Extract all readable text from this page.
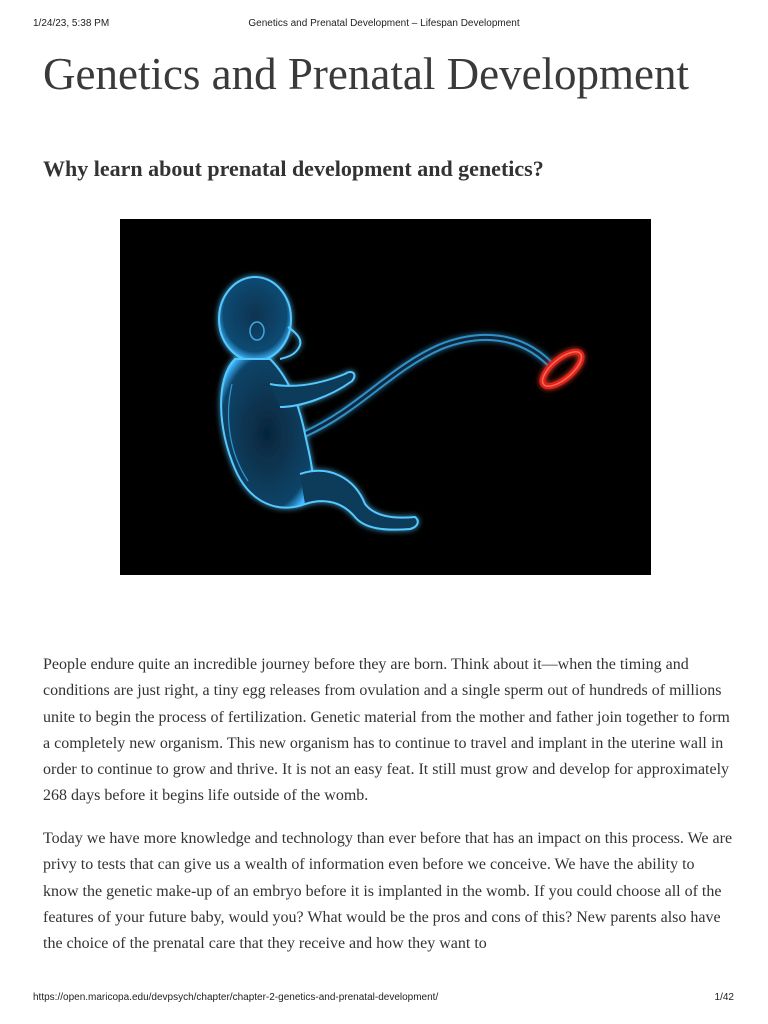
1/24/23, 5:38 PM	Genetics and Prenatal Development – Lifespan Development
Genetics and Prenatal Development
Why learn about prenatal development and genetics?

People endure quite an incredible journey before they are born. Think about it—when the timing and conditions are just right, a tiny egg releases from ovulation and a single sperm out of hundreds of millions unite to begin the process of fertilization. Genetic material from the mother and father join together to form a completely new organism. This new organism has to continue to travel and implant in the uterine wall in order to continue to grow and thrive. It is not an easy feat. It still must grow and develop for approximately 268 days before it begins life outside of the womb.

Today we have more knowledge and technology than ever before that has an impact on this process. We are privy to tests that can give us a wealth of information even before we conceive. We have the ability to know the genetic make-up of an embryo before it is implanted in the womb. If you could choose all of the features of your future baby, would you? What would be the pros and cons of this? New parents also have the choice of the prenatal care that they receive and how they want to

https://open.maricopa.edu/devpsych/chapter/chapter-2-genetics-and-prenatal-development/	1/42
